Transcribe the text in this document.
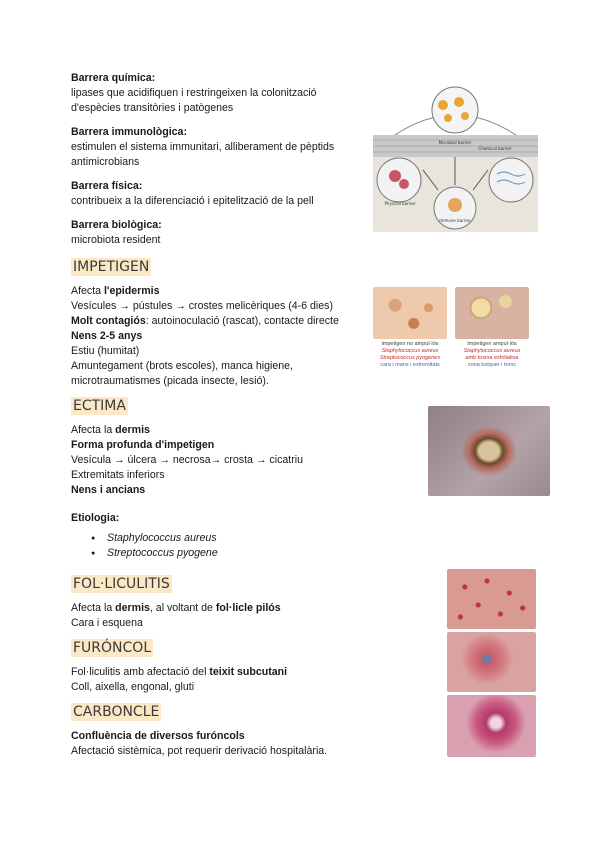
Barrera química:
lipases que acidifiquen i restringeixen la colonització
d'espècies transitòries i patògenes
Barrera immunològica:
estimulen el sistema immunitari, alliberament de pèptids
antimicrobians
Barrera física:
contribueix a la diferenciació i epitelització de la pell
Barrera biològica:
microbiota resident
Microbial barrier
Chemical barrier
Physical barrier
Immune barrier
IMPETIGEN
Afecta l'epidermis
Vesícules → pústules → crostes melicèriques (4-6 dies)
Molt contagiós: autoinoculació (rascat), contacte directe
Nens 2-5 anys
Estiu (humitat)
Amuntegament (brots escoles), manca higiene,
microtraumatismes (picada insecte, lesió).
impetigen no ampul·lós
Staphylococcus aureus
Streptococcus pyogenes
cara i mans i extremitats
Impetigen ampul·lós
Staphylococcus aureus
amb toxina exfoliativa
zona bolquer i tronc
ECTIMA
Afecta la dermis
Forma profunda d'impetigen
Vesícula → úlcera → necrosa→ crosta → cicatriu
Extremitats inferiors
Nens i ancians
Etiologia:
● Staphylococcus aureus
● Streptococcus pyogene
FOL·LICULITIS
Afecta la dermis, al voltant de fol·licle pilós
Cara i esquena
FURÓNCOL
Fol·liculitis amb afectació del teixit subcutani
Coll, aixella, engonal, gluti
CARBONCLE
Confluència de diversos furóncols
Afectació sistèmica, pot requerir derivació hospitalària.
